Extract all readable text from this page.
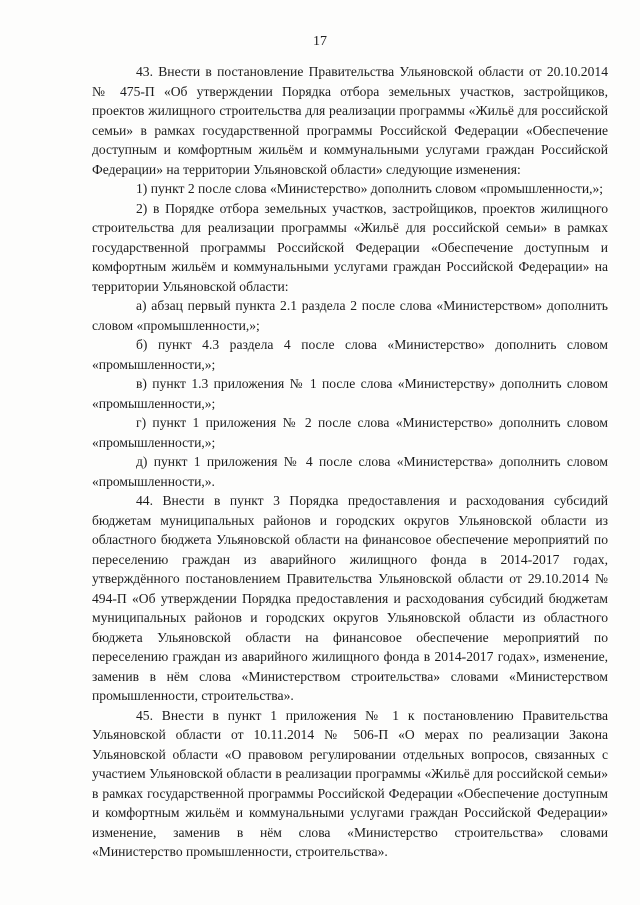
17

43. Внести в постановление Правительства Ульяновской области от 20.10.2014 № 475-П «Об утверждении Порядка отбора земельных участков, застройщиков, проектов жилищного строительства для реализации программы «Жильё для российской семьи» в рамках государственной программы Российской Федерации «Обеспечение доступным и комфортным жильём и коммунальными услугами граждан Российской Федерации» на территории Ульяновской области» следующие изменения:

1) пункт 2 после слова «Министерство» дополнить словом «промышленности,»;

2) в Порядке отбора земельных участков, застройщиков, проектов жилищного строительства для реализации программы «Жильё для российской семьи» в рамках государственной программы Российской Федерации «Обеспечение доступным и комфортным жильём и коммунальными услугами граждан Российской Федерации» на территории Ульяновской области:

а) абзац первый пункта 2.1 раздела 2 после слова «Министерством» дополнить словом «промышленности,»;

б) пункт 4.3 раздела 4 после слова «Министерство» дополнить словом «промышленности,»;

в) пункт 1.3 приложения № 1 после слова «Министерству» дополнить словом «промышленности,»;

г) пункт 1 приложения № 2 после слова «Министерство» дополнить словом «промышленности,»;

д) пункт 1 приложения № 4 после слова «Министерства» дополнить словом «промышленности,».

44. Внести в пункт 3 Порядка предоставления и расходования субсидий бюджетам муниципальных районов и городских округов Ульяновской области из областного бюджета Ульяновской области на финансовое обеспечение мероприятий по переселению граждан из аварийного жилищного фонда в 2014-2017 годах, утверждённого постановлением Правительства Ульяновской области от 29.10.2014 № 494-П «Об утверждении Порядка предоставления и расходования субсидий бюджетам муниципальных районов и городских округов Ульяновской области из областного бюджета Ульяновской области на финансовое обеспечение мероприятий по переселению граждан из аварийного жилищного фонда в 2014-2017 годах», изменение, заменив в нём слова «Министерством строительства» словами «Министерством промышленности, строительства».

45. Внести в пункт 1 приложения № 1 к постановлению Правительства Ульяновской области от 10.11.2014 № 506-П «О мерах по реализации Закона Ульяновской области «О правовом регулировании отдельных вопросов, связанных с участием Ульяновской области в реализации программы «Жильё для российской семьи» в рамках государственной программы Российской Федерации «Обеспечение доступным и комфортным жильём и коммунальными услугами граждан Российской Федерации» изменение, заменив в нём слова «Министерство строительства» словами «Министерство промышленности, строительства».
